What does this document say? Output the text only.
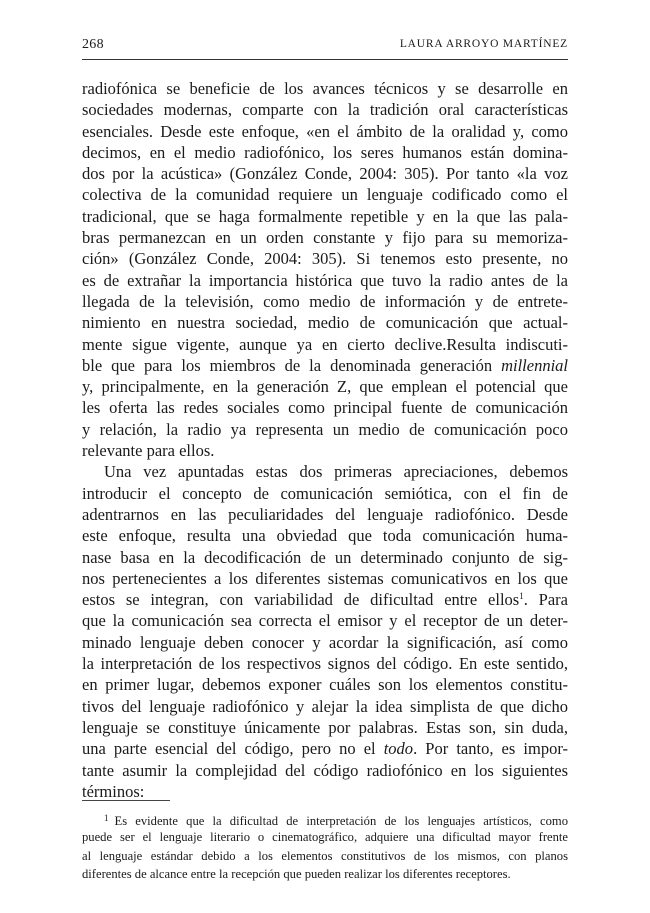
268	LAURA ARROYO MARTÍNEZ
radiofónica se beneficie de los avances técnicos y se desarrolle en
sociedades modernas, comparte con la tradición oral características
esenciales. Desde este enfoque, «en el ámbito de la oralidad y, como
decimos, en el medio radiofónico, los seres humanos están domina-
dos por la acústica» (González Conde, 2004: 305). Por tanto «la voz
colectiva de la comunidad requiere un lenguaje codificado como el
tradicional, que se haga formalmente repetible y en la que las pala-
bras permanezcan en un orden constante y fijo para su memoriza-
ción» (González Conde, 2004: 305). Si tenemos esto presente, no
es de extrañar la importancia histórica que tuvo la radio antes de la
llegada de la televisión, como medio de información y de entrete-
nimiento en nuestra sociedad, medio de comunicación que actual-
mente sigue vigente, aunque ya en cierto declive.Resulta indiscuti-
ble que para los miembros de la denominada generación millennial
y, principalmente, en la generación Z, que emplean el potencial que
les oferta las redes sociales como principal fuente de comunicación
y relación, la radio ya representa un medio de comunicación poco
relevante para ellos.
Una vez apuntadas estas dos primeras apreciaciones, debemos
introducir el concepto de comunicación semiótica, con el fin de
adentrarnos en las peculiaridades del lenguaje radiofónico. Desde
este enfoque, resulta una obviedad que toda comunicación huma-
nase basa en la decodificación de un determinado conjunto de sig-
nos pertenecientes a los diferentes sistemas comunicativos en los que
estos se integran, con variabilidad de dificultad entre ellos$^1$. Para
que la comunicación sea correcta el emisor y el receptor de un deter-
minado lenguaje deben conocer y acordar la significación, así como
la interpretación de los respectivos signos del código. En este sentido,
en primer lugar, debemos exponer cuáles son los elementos constitu-
tivos del lenguaje radiofónico y alejar la idea simplista de que dicho
lenguaje se constituye únicamente por palabras. Estas son, sin duda,
una parte esencial del código, pero no el todo. Por tanto, es impor-
tante asumir la complejidad del código radiofónico en los siguientes
términos:
$^1$ Es evidente que la dificultad de interpretación de los lenguajes artísticos, como
puede ser el lenguaje literario o cinematográfico, adquiere una dificultad mayor frente
al lenguaje estándar debido a los elementos constitutivos de los mismos, con planos
diferentes de alcance entre la recepción que pueden realizar los diferentes receptores.
